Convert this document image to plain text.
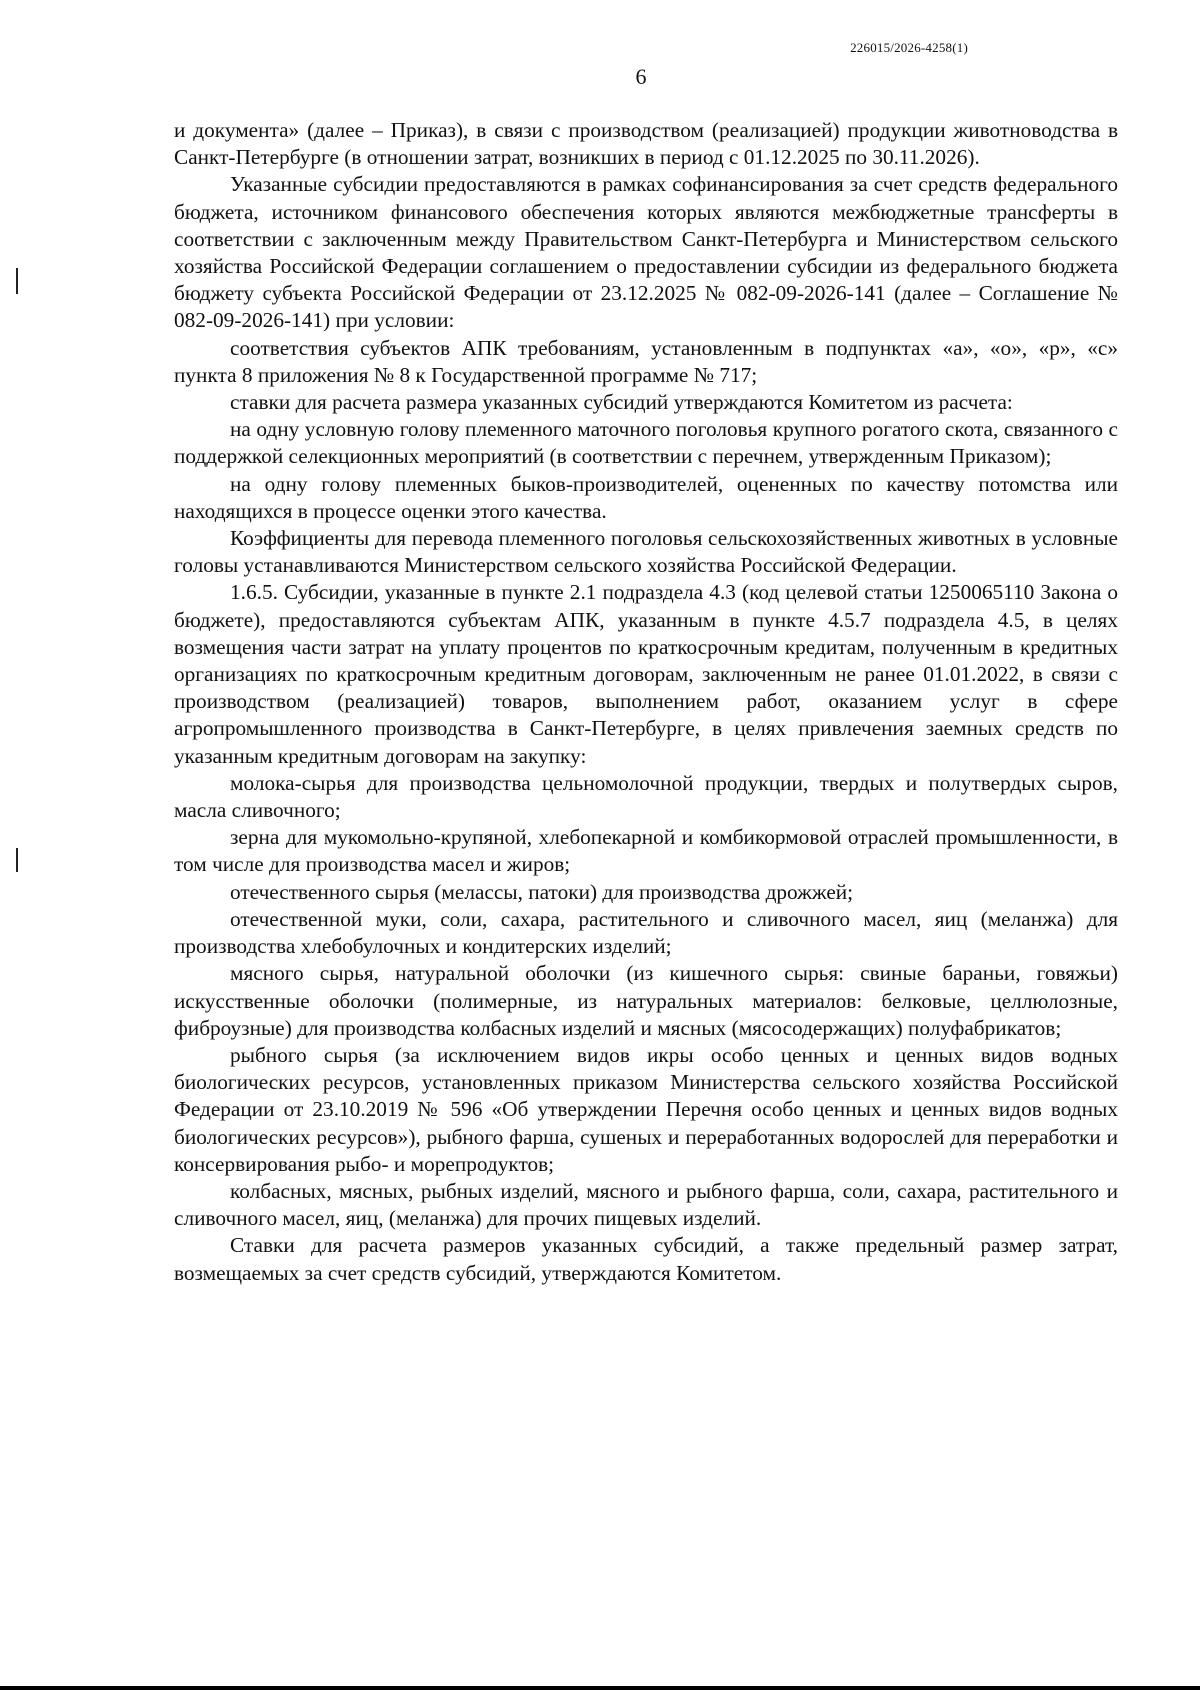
226015/2026-4258(1)
6

и документа» (далее – Приказ), в связи с производством (реализацией) продукции животноводства в Санкт-Петербурге (в отношении затрат, возникших в период с 01.12.2025 по 30.11.2026).

Указанные субсидии предоставляются в рамках софинансирования за счет средств федерального бюджета, источником финансового обеспечения которых являются межбюджетные трансферты в соответствии с заключенным между Правительством Санкт-Петербурга и Министерством сельского хозяйства Российской Федерации соглашением о предоставлении субсидии из федерального бюджета бюджету субъекта Российской Федерации от 23.12.2025 № 082-09-2026-141 (далее – Соглашение № 082-09-2026-141) при условии:

соответствия субъектов АПК требованиям, установленным в подпунктах «а», «о», «р», «с» пункта 8 приложения № 8 к Государственной программе № 717;

ставки для расчета размера указанных субсидий утверждаются Комитетом из расчета:

на одну условную голову племенного маточного поголовья крупного рогатого скота, связанного с поддержкой селекционных мероприятий (в соответствии с перечнем, утвержденным Приказом);

на одну голову племенных быков-производителей, оцененных по качеству потомства или находящихся в процессе оценки этого качества.

Коэффициенты для перевода племенного поголовья сельскохозяйственных животных в условные головы устанавливаются Министерством сельского хозяйства Российской Федерации.

1.6.5. Субсидии, указанные в пункте 2.1 подраздела 4.3 (код целевой статьи 1250065110 Закона о бюджете), предоставляются субъектам АПК, указанным в пункте 4.5.7 подраздела 4.5, в целях возмещения части затрат на уплату процентов по краткосрочным кредитам, полученным в кредитных организациях по краткосрочным кредитным договорам, заключенным не ранее 01.01.2022, в связи с производством (реализацией) товаров, выполнением работ, оказанием услуг в сфере агропромышленного производства в Санкт-Петербурге, в целях привлечения заемных средств по указанным кредитным договорам на закупку:

молока-сырья для производства цельномолочной продукции, твердых и полутвердых сыров, масла сливочного;

зерна для мукомольно-крупяной, хлебопекарной и комбикормовой отраслей промышленности, в том числе для производства масел и жиров;

отечественного сырья (мелассы, патоки) для производства дрожжей;

отечественной муки, соли, сахара, растительного и сливочного масел, яиц (меланжа) для производства хлебобулочных и кондитерских изделий;

мясного сырья, натуральной оболочки (из кишечного сырья: свиные бараньи, говяжьи) искусственные оболочки (полимерные, из натуральных материалов: белковые, целлюлозные, фиброузные) для производства колбасных изделий и мясных (мясосодержащих) полуфабрикатов;

рыбного сырья (за исключением видов икры особо ценных и ценных видов водных биологических ресурсов, установленных приказом Министерства сельского хозяйства Российской Федерации от 23.10.2019 № 596 «Об утверждении Перечня особо ценных и ценных видов водных биологических ресурсов»), рыбного фарша, сушеных и переработанных водорослей для переработки и консервирования рыбо- и морепродуктов;

колбасных, мясных, рыбных изделий, мясного и рыбного фарша, соли, сахара, растительного и сливочного масел, яиц, (меланжа) для прочих пищевых изделий.

Ставки для расчета размеров указанных субсидий, а также предельный размер затрат, возмещаемых за счет средств субсидий, утверждаются Комитетом.
